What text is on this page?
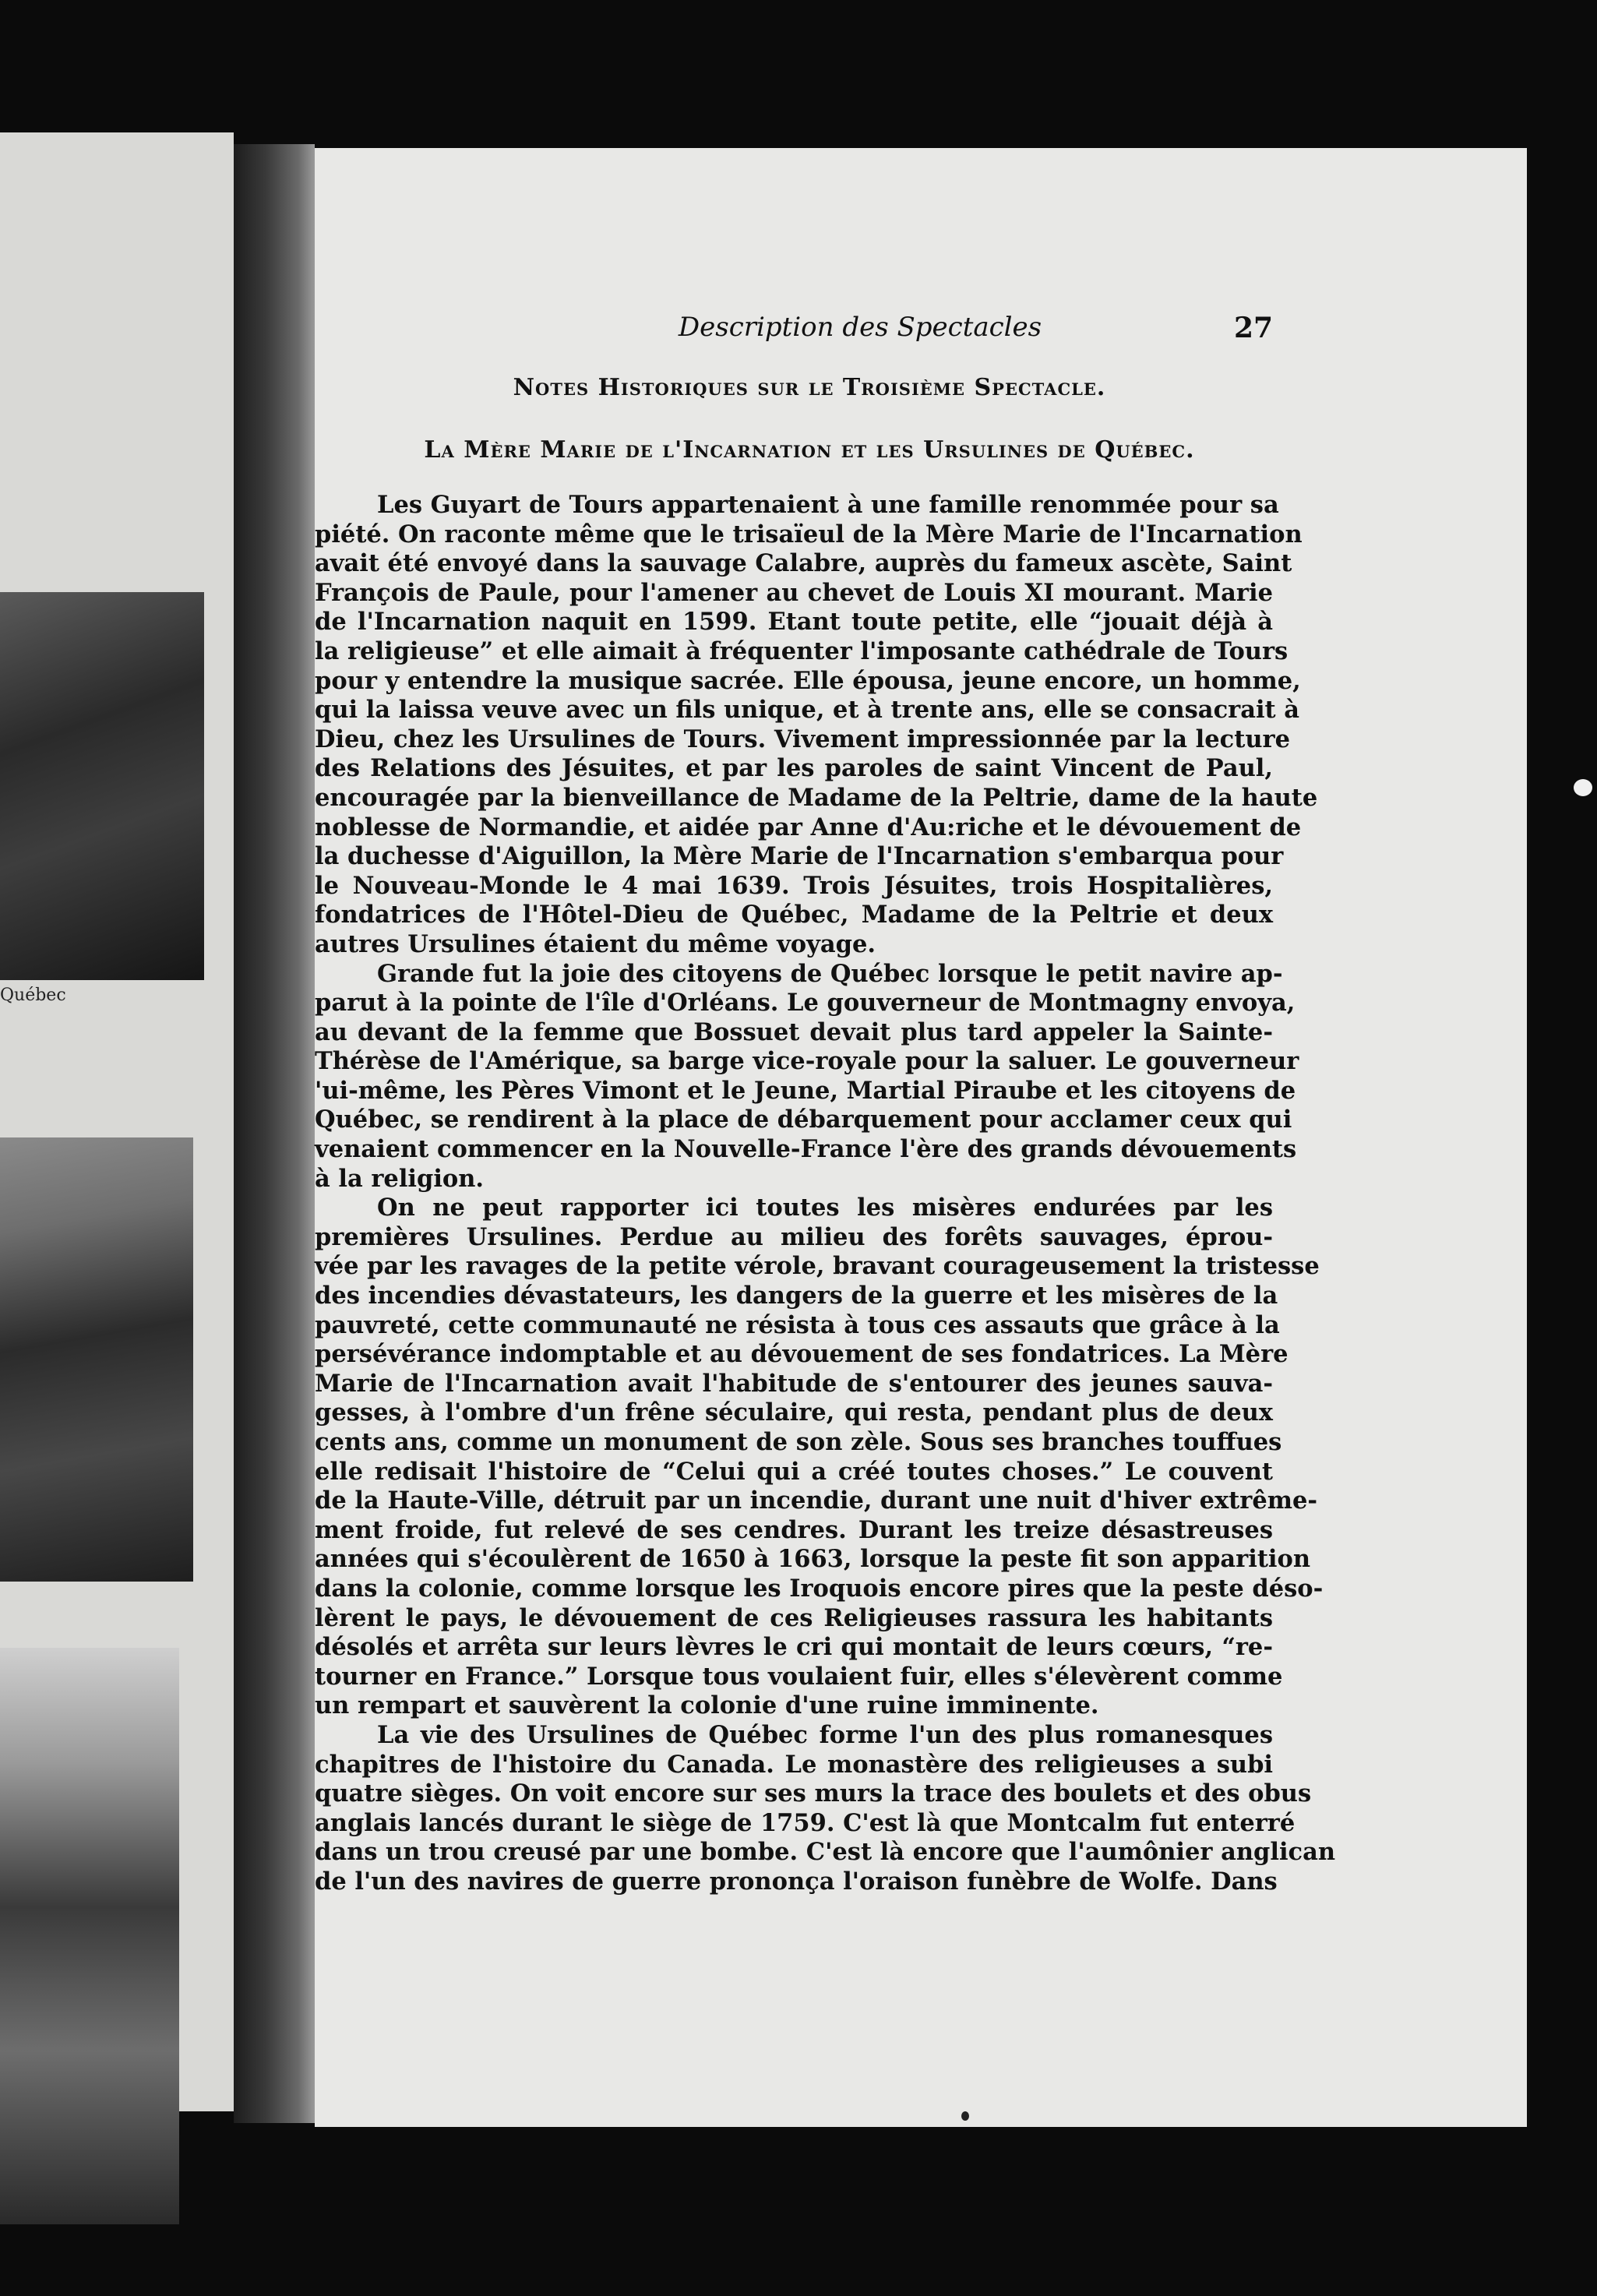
Québec
Description des Spectacles	27
Notes Historiques sur le Troisième Spectacle.
La Mère Marie de l'Incarnation et les Ursulines de Québec.
Les Guyart de Tours appartenaient à une famille renommée pour sa
piété. On raconte même que le trisaïeul de la Mère Marie de l'Incarnation
avait été envoyé dans la sauvage Calabre, auprès du fameux ascète, Saint
François de Paule, pour l'amener au chevet de Louis XI mourant. Marie
de l'Incarnation naquit en 1599. Etant toute petite, elle “jouait déjà à
la religieuse” et elle aimait à fréquenter l'imposante cathédrale de Tours
pour y entendre la musique sacrée. Elle épousa, jeune encore, un homme,
qui la laissa veuve avec un fils unique, et à trente ans, elle se consacrait à
Dieu, chez les Ursulines de Tours. Vivement impressionnée par la lecture
des Relations des Jésuites, et par les paroles de saint Vincent de Paul,
encouragée par la bienveillance de Madame de la Peltrie, dame de la haute
noblesse de Normandie, et aidée par Anne d'Au:riche et le dévouement de
la duchesse d'Aiguillon, la Mère Marie de l'Incarnation s'embarqua pour
le Nouveau-Monde le 4 mai 1639. Trois Jésuites, trois Hospitalières,
fondatrices de l'Hôtel-Dieu de Québec, Madame de la Peltrie et deux
autres Ursulines étaient du même voyage.
Grande fut la joie des citoyens de Québec lorsque le petit navire ap-
parut à la pointe de l'île d'Orléans. Le gouverneur de Montmagny envoya,
au devant de la femme que Bossuet devait plus tard appeler la Sainte-
Thérèse de l'Amérique, sa barge vice-royale pour la saluer. Le gouverneur
'ui-même, les Pères Vimont et le Jeune, Martial Piraube et les citoyens de
Québec, se rendirent à la place de débarquement pour acclamer ceux qui
venaient commencer en la Nouvelle-France l'ère des grands dévouements
à la religion.
On ne peut rapporter ici toutes les misères endurées par les
premières Ursulines. Perdue au milieu des forêts sauvages, éprou-
vée par les ravages de la petite vérole, bravant courageusement la tristesse
des incendies dévastateurs, les dangers de la guerre et les misères de la
pauvreté, cette communauté ne résista à tous ces assauts que grâce à la
persévérance indomptable et au dévouement de ses fondatrices. La Mère
Marie de l'Incarnation avait l'habitude de s'entourer des jeunes sauva-
gesses, à l'ombre d'un frêne séculaire, qui resta, pendant plus de deux
cents ans, comme un monument de son zèle. Sous ses branches touffues
elle redisait l'histoire de “Celui qui a créé toutes choses.” Le couvent
de la Haute-Ville, détruit par un incendie, durant une nuit d'hiver extrême-
ment froide, fut relevé de ses cendres. Durant les treize désastreuses
années qui s'écoulèrent de 1650 à 1663, lorsque la peste fit son apparition
dans la colonie, comme lorsque les Iroquois encore pires que la peste déso-
lèrent le pays, le dévouement de ces Religieuses rassura les habitants
désolés et arrêta sur leurs lèvres le cri qui montait de leurs cœurs, “re-
tourner en France.” Lorsque tous voulaient fuir, elles s'élevèrent comme
un rempart et sauvèrent la colonie d'une ruine imminente.
La vie des Ursulines de Québec forme l'un des plus romanesques
chapitres de l'histoire du Canada. Le monastère des religieuses a subi
quatre sièges. On voit encore sur ses murs la trace des boulets et des obus
anglais lancés durant le siège de 1759. C'est là que Montcalm fut enterré
dans un trou creusé par une bombe. C'est là encore que l'aumônier anglican
de l'un des navires de guerre prononça l'oraison funèbre de Wolfe. Dans
